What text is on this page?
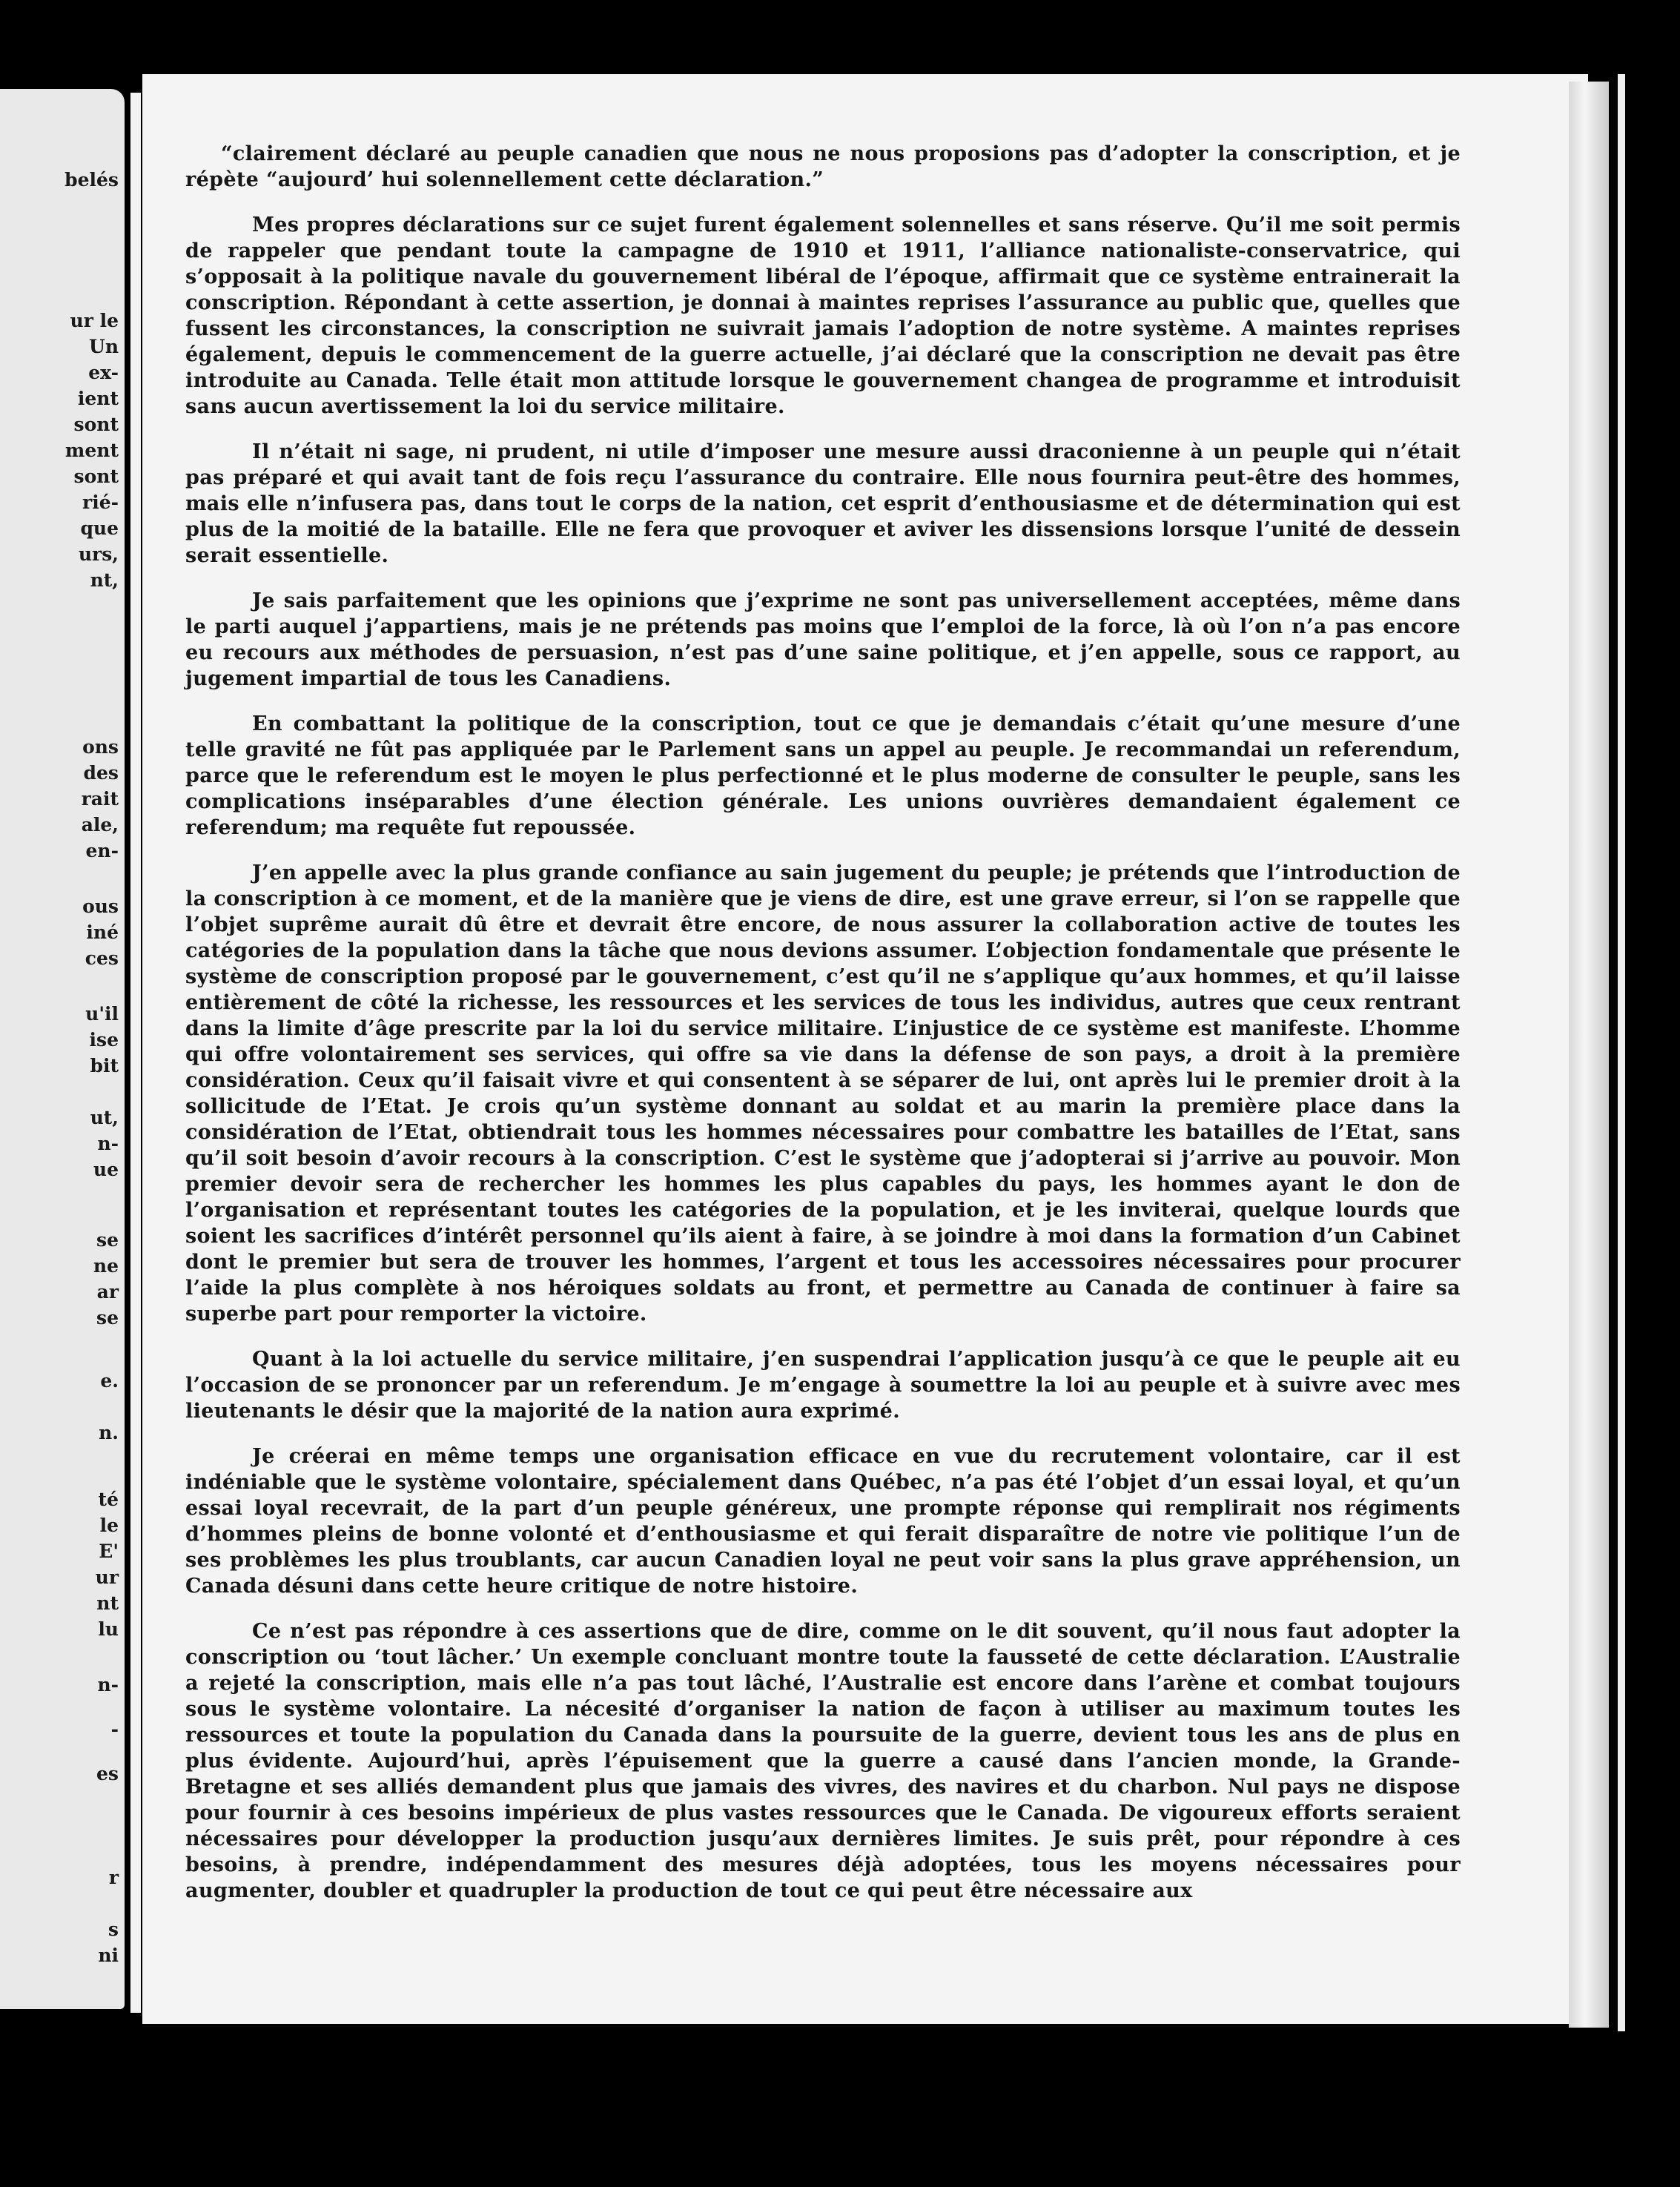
belés
ur le
Un
ex-
ient
sont
ment
sont
rié-
que
urs,
nt,
ons
des
rait
ale,
en-
ous
iné
ces
u'il
ise
bit
ut,
n-
ue
se
ne
ar
se
e.
n.
té
le
E'
ur
nt
lu
n-
-
es
r
s
ni

“clairement déclaré au peuple canadien que nous ne nous proposions pas d’adopter la conscription, et je répète “aujourd’ hui solennellement cette déclaration.”

Mes propres déclarations sur ce sujet furent également solennelles et sans réserve. Qu’il me soit permis de rappeler que pendant toute la campagne de 1910 et 1911, l’alliance nationaliste-conservatrice, qui s’opposait à la politique navale du gouvernement libéral de l’époque, affirmait que ce système entrainerait la conscription. Répondant à cette assertion, je donnai à maintes reprises l’assurance au public que, quelles que fussent les circonstances, la conscription ne suivrait jamais l’adoption de notre système. A maintes reprises également, depuis le commencement de la guerre actuelle, j’ai déclaré que la conscription ne devait pas être introduite au Canada. Telle était mon attitude lorsque le gouvernement changea de programme et introduisit sans aucun avertissement la loi du service militaire.

Il n’était ni sage, ni prudent, ni utile d’imposer une mesure aussi draconienne à un peuple qui n’était pas préparé et qui avait tant de fois reçu l’assurance du contraire. Elle nous fournira peut-être des hommes, mais elle n’infusera pas, dans tout le corps de la nation, cet esprit d’enthousiasme et de détermination qui est plus de la moitié de la bataille. Elle ne fera que provoquer et aviver les dissensions lorsque l’unité de dessein serait essentielle.

Je sais parfaitement que les opinions que j’exprime ne sont pas universellement acceptées, même dans le parti auquel j’appartiens, mais je ne prétends pas moins que l’emploi de la force, là où l’on n’a pas encore eu recours aux méthodes de persuasion, n’est pas d’une saine politique, et j’en appelle, sous ce rapport, au jugement impartial de tous les Canadiens.

En combattant la politique de la conscription, tout ce que je demandais c’était qu’une mesure d’une telle gravité ne fût pas appliquée par le Parlement sans un appel au peuple. Je recommandai un referendum, parce que le referendum est le moyen le plus perfectionné et le plus moderne de consulter le peuple, sans les complications inséparables d’une élection générale. Les unions ouvrières demandaient également ce referendum; ma requête fut repoussée.

J’en appelle avec la plus grande confiance au sain jugement du peuple; je prétends que l’introduction de la conscription à ce moment, et de la manière que je viens de dire, est une grave erreur, si l’on se rappelle que l’objet suprême aurait dû être et devrait être encore, de nous assurer la collaboration active de toutes les catégories de la population dans la tâche que nous devions assumer. L’objection fondamentale que présente le système de conscription proposé par le gouvernement, c’est qu’il ne s’applique qu’aux hommes, et qu’il laisse entièrement de côté la richesse, les ressources et les services de tous les individus, autres que ceux rentrant dans la limite d’âge prescrite par la loi du service militaire. L’injustice de ce système est manifeste. L’homme qui offre volontairement ses services, qui offre sa vie dans la défense de son pays, a droit à la première considération. Ceux qu’il faisait vivre et qui consentent à se séparer de lui, ont après lui le premier droit à la sollicitude de l’Etat. Je crois qu’un système donnant au soldat et au marin la première place dans la considération de l’Etat, obtiendrait tous les hommes nécessaires pour combattre les batailles de l’Etat, sans qu’il soit besoin d’avoir recours à la conscription. C’est le système que j’adopterai si j’arrive au pouvoir. Mon premier devoir sera de rechercher les hommes les plus capables du pays, les hommes ayant le don de l’organisation et représentant toutes les catégories de la population, et je les inviterai, quelque lourds que soient les sacrifices d’intérêt personnel qu’ils aient à faire, à se joindre à moi dans la formation d’un Cabinet dont le premier but sera de trouver les hommes, l’argent et tous les accessoires nécessaires pour procurer l’aide la plus complète à nos héroiques soldats au front, et permettre au Canada de continuer à faire sa superbe part pour remporter la victoire.

Quant à la loi actuelle du service militaire, j’en suspendrai l’application jusqu’à ce que le peuple ait eu l’occasion de se prononcer par un referendum. Je m’engage à soumettre la loi au peuple et à suivre avec mes lieutenants le désir que la majorité de la nation aura exprimé.

Je créerai en même temps une organisation efficace en vue du recrutement volontaire, car il est indéniable que le système volontaire, spécialement dans Québec, n’a pas été l’objet d’un essai loyal, et qu’un essai loyal recevrait, de la part d’un peuple généreux, une prompte réponse qui remplirait nos régiments d’hommes pleins de bonne volonté et d’enthousiasme et qui ferait disparaître de notre vie politique l’un de ses problèmes les plus troublants, car aucun Canadien loyal ne peut voir sans la plus grave appréhension, un Canada désuni dans cette heure critique de notre histoire.

Ce n’est pas répondre à ces assertions que de dire, comme on le dit souvent, qu’il nous faut adopter la conscription ou ‘tout lâcher.’ Un exemple concluant montre toute la fausseté de cette déclaration. L’Australie a rejeté la conscription, mais elle n’a pas tout lâché, l’Australie est encore dans l’arène et combat toujours sous le système volontaire. La nécesité d’organiser la nation de façon à utiliser au maximum toutes les ressources et toute la population du Canada dans la poursuite de la guerre, devient tous les ans de plus en plus évidente. Aujourd’hui, après l’épuisement que la guerre a causé dans l’ancien monde, la Grande-Bretagne et ses alliés demandent plus que jamais des vivres, des navires et du charbon. Nul pays ne dispose pour fournir à ces besoins impérieux de plus vastes ressources que le Canada. De vigoureux efforts seraient nécessaires pour développer la production jusqu’aux dernières limites. Je suis prêt, pour répondre à ces besoins, à prendre, indépendamment des mesures déjà adoptées, tous les moyens nécessaires pour augmenter, doubler et quadrupler la production de tout ce qui peut être nécessaire aux
